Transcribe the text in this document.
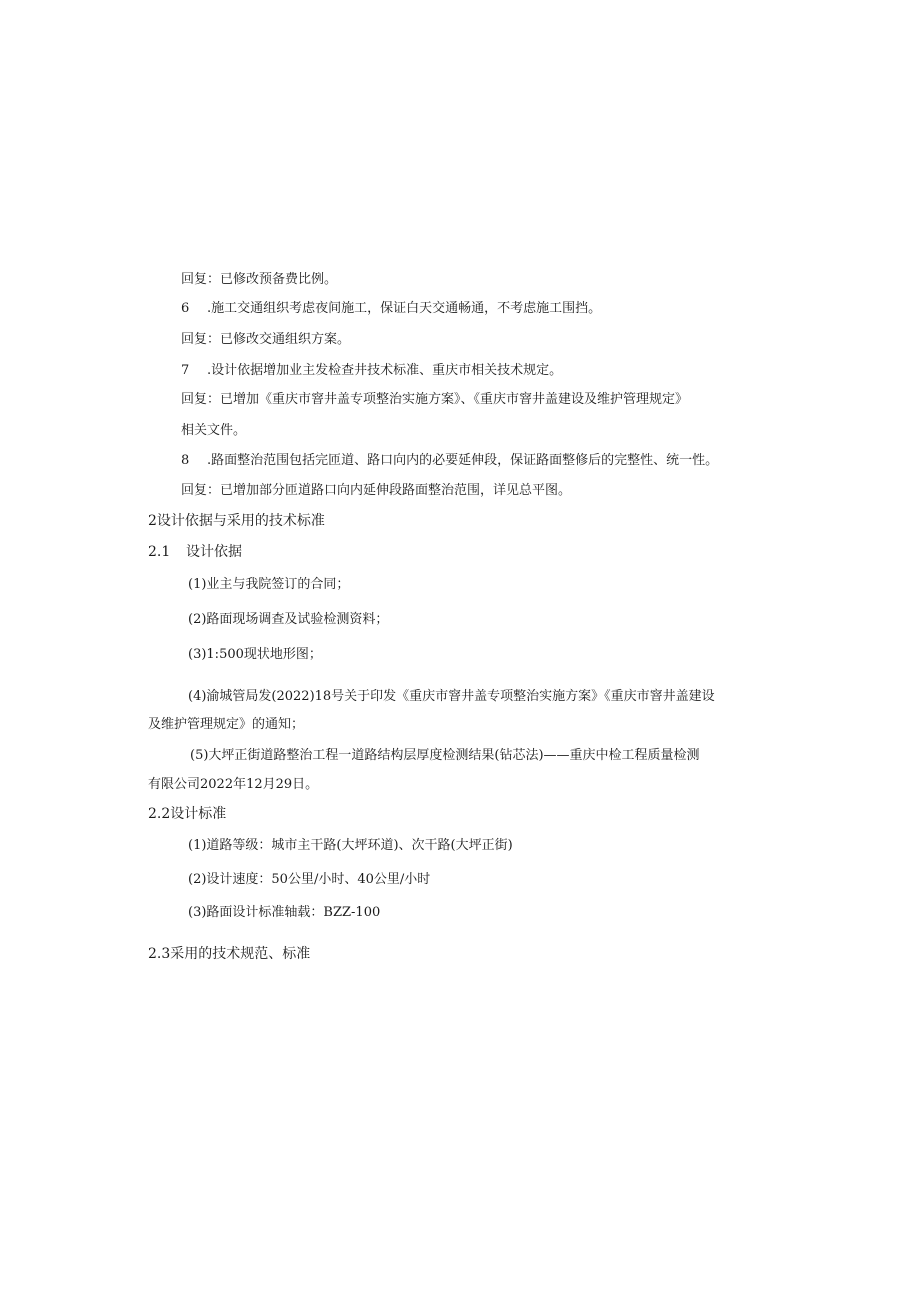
回复：已修改预备费比例。
6 .施工交通组织考虑夜间施工，保证白天交通畅通，不考虑施工围挡。
回复：已修改交通组织方案。
7 .设计依据增加业主发检查井技术标准、重庆市相关技术规定。
回复：已增加《重庆市窨井盖专项整治实施方案》、《重庆市窨井盖建设及维护管理规定》
相关文件。
8 .路面整治范围包括完匝道、路口向内的必要延伸段，保证路面整修后的完整性、统一性。
回复：已增加部分匝道路口向内延伸段路面整治范围，详见总平图。
2设计依据与采用的技术标准
2.1 设计依据
(1)业主与我院签订的合同；
(2)路面现场调查及试验检测资料；
(3)1:500现状地形图；
(4)渝城管局发(2022)18号关于印发《重庆市窨井盖专项整治实施方案》《重庆市窨井盖建设
及维护管理规定》的通知；
(5)大坪正街道路整治工程一道路结构层厚度检测结果(钻芯法)——重庆中检工程质量检测
有限公司2022年12月29日。
2.2设计标准
(1)道路等级：城市主干路(大坪环道)、次干路(大坪正街)
(2)设计速度：50公里/小时、40公里/小时
(3)路面设计标准轴载：BZZ-100
2.3采用的技术规范、标准
